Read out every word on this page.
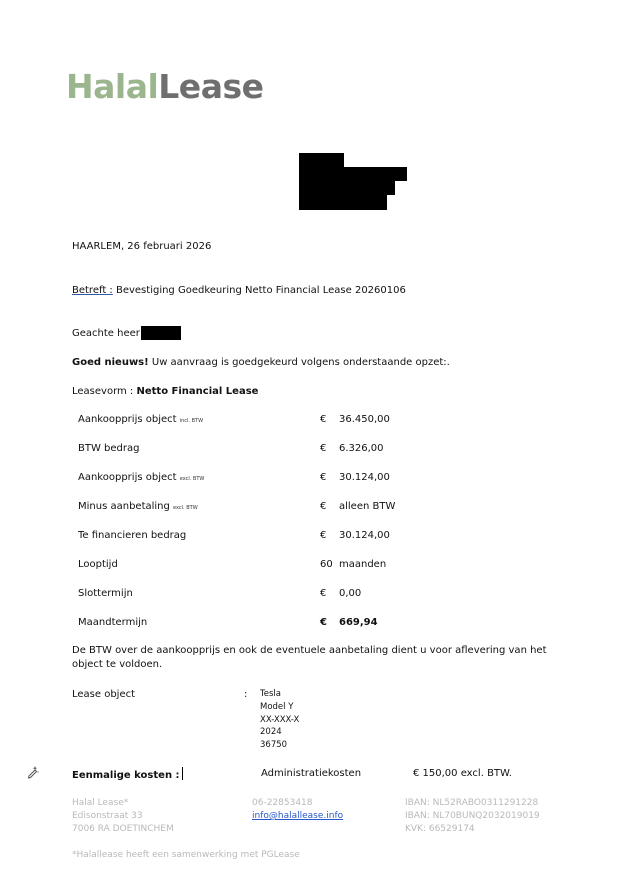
HalalLease
HAARLEM, 26 februari 2026
Betreft : Bevestiging Goedkeuring Netto Financial Lease 20260106
Geachte heer
Goed nieuws! Uw aanvraag is goedgekeurd volgens onderstaande opzet:.
Leasevorm : Netto Financial Lease
Aankoopprijs object incl. BTW	€ 36.450,00
BTW bedrag	€ 6.326,00
Aankoopprijs object excl. BTW	€ 30.124,00
Minus aanbetaling excl. BTW	€ alleen BTW
Te financieren bedrag	€ 30.124,00
Looptijd	60 maanden
Slottermijn	€ 0,00
Maandtermijn	€ 669,94
De BTW over de aankoopprijs en ook de eventuele aanbetaling dient u voor aflevering van het
object te voldoen.
Lease object	: Tesla
Model Y
XX-XXX-X
2024
36750
Eenmalige kosten :	Administratiekosten	€ 150,00 excl. BTW.
Halal Lease*
Edisonstraat 33
7006 RA DOETINCHEM
06-22853418
info@halallease.info
IBAN: NL52RABO0311291228
IBAN: NL70BUNQ2032019019
KVK: 66529174
*Halallease heeft een samenwerking met PGLease
